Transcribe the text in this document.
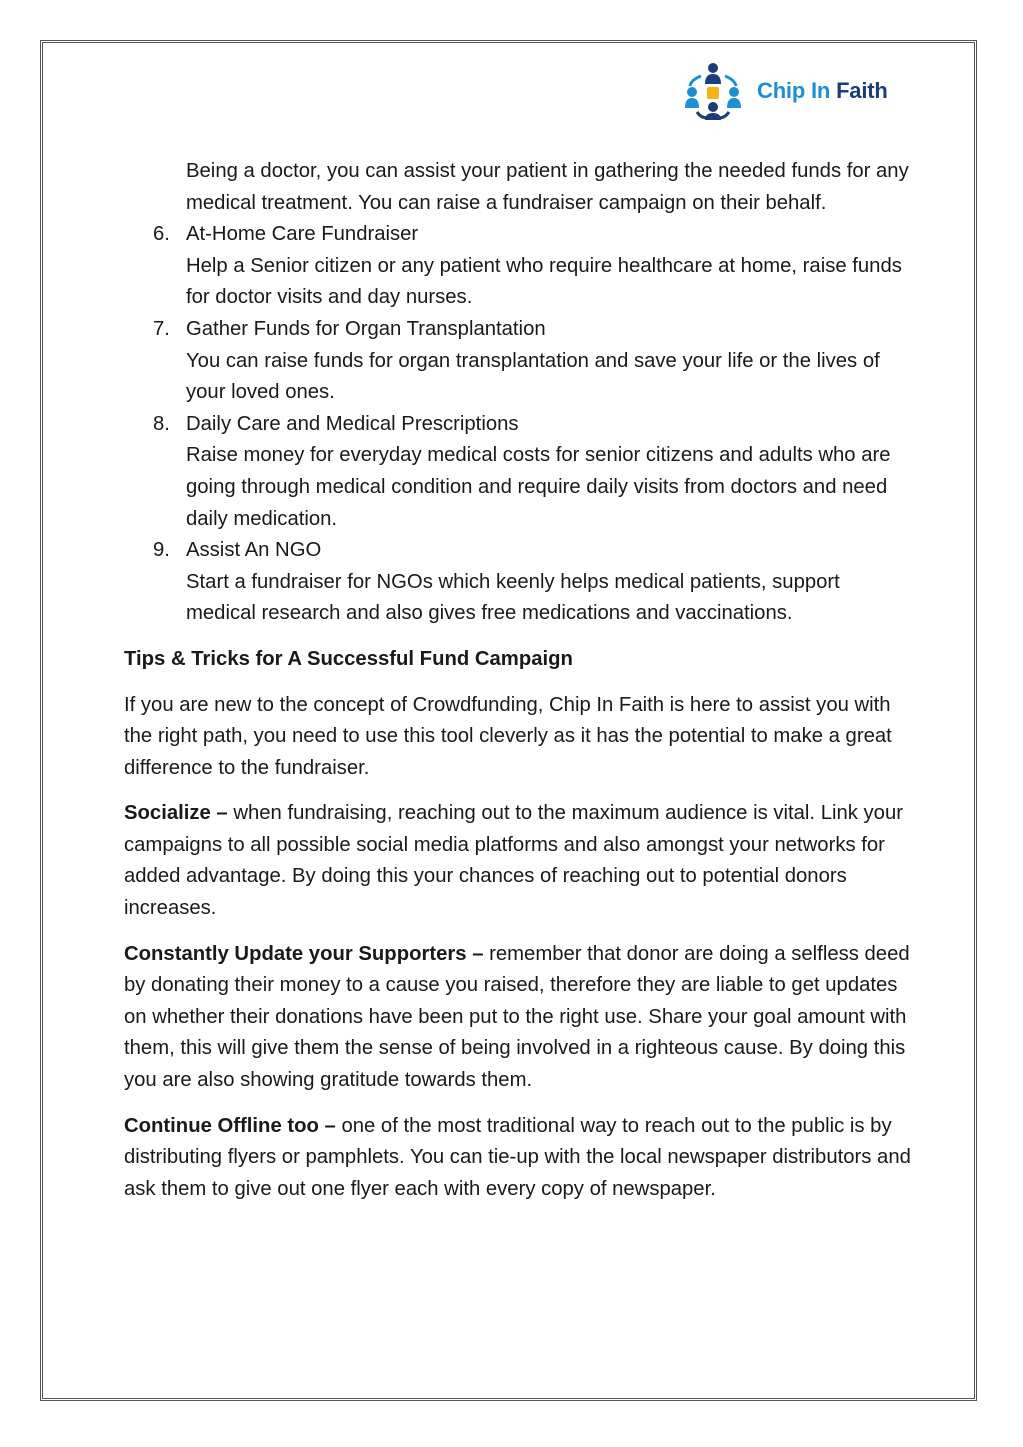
Chip In Faith
Being a doctor, you can assist your patient in gathering the needed funds for any medical treatment. You can raise a fundraiser campaign on their behalf.
6. At-Home Care Fundraiser
Help a Senior citizen or any patient who require healthcare at home, raise funds for doctor visits and day nurses.
7. Gather Funds for Organ Transplantation
You can raise funds for organ transplantation and save your life or the lives of your loved ones.
8. Daily Care and Medical Prescriptions
Raise money for everyday medical costs for senior citizens and adults who are going through medical condition and require daily visits from doctors and need daily medication.
9. Assist An NGO
Start a fundraiser for NGOs which keenly helps medical patients, support medical research and also gives free medications and vaccinations.
Tips & Tricks for A Successful Fund Campaign
If you are new to the concept of Crowdfunding, Chip In Faith is here to assist you with the right path, you need to use this tool cleverly as it has the potential to make a great difference to the fundraiser.
Socialize – when fundraising, reaching out to the maximum audience is vital. Link your campaigns to all possible social media platforms and also amongst your networks for added advantage. By doing this your chances of reaching out to potential donors increases.
Constantly Update your Supporters – remember that donor are doing a selfless deed by donating their money to a cause you raised, therefore they are liable to get updates on whether their donations have been put to the right use. Share your goal amount with them, this will give them the sense of being involved in a righteous cause. By doing this you are also showing gratitude towards them.
Continue Offline too – one of the most traditional way to reach out to the public is by distributing flyers or pamphlets. You can tie-up with the local newspaper distributors and ask them to give out one flyer each with every copy of newspaper.
